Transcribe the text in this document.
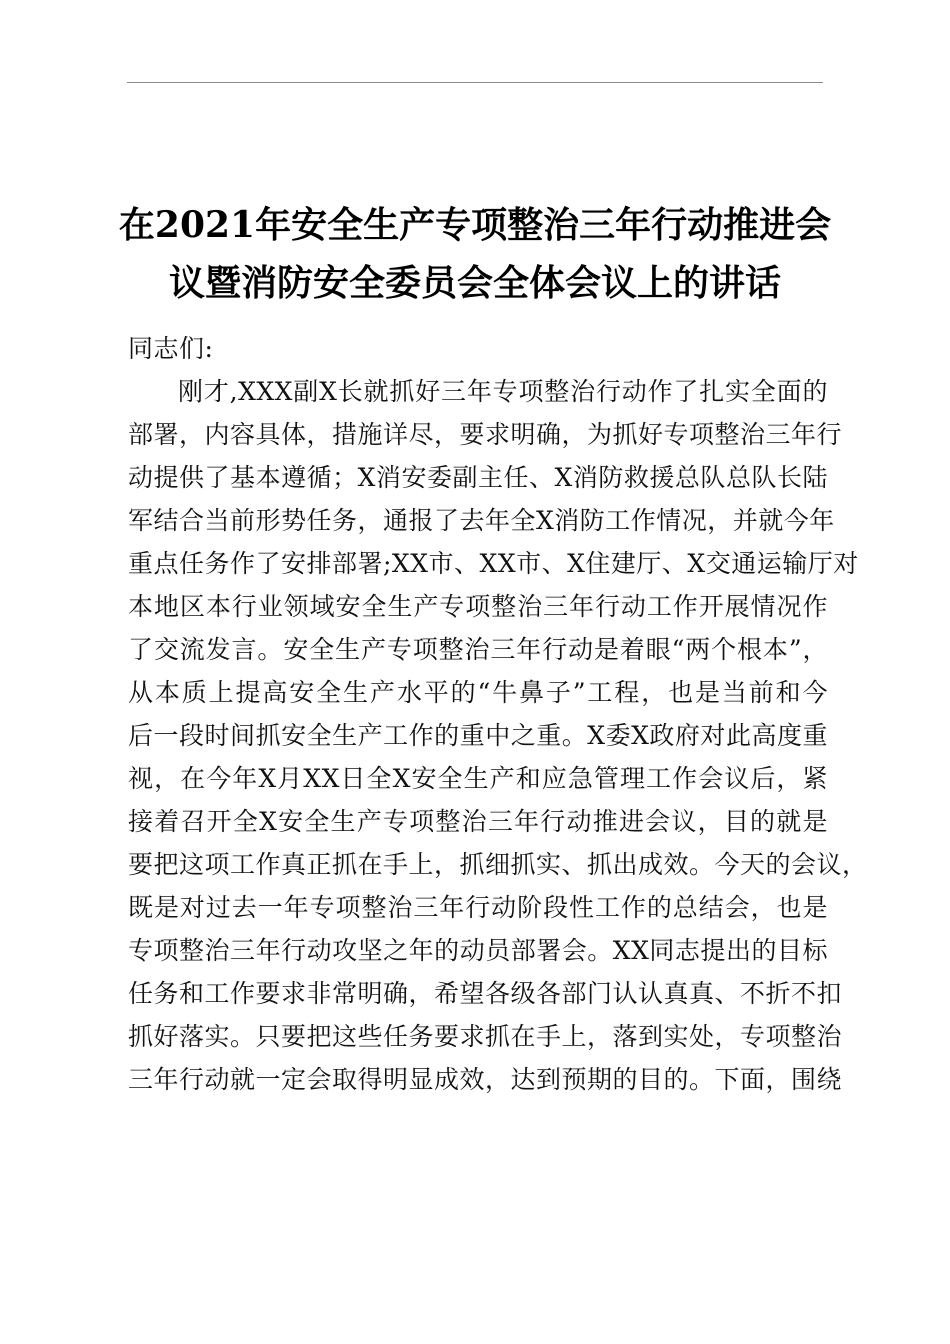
在2021年安全生产专项整治三年行动推进会
议暨消防安全委员会全体会议上的讲话
同志们:
刚才,XXX副X长就抓好三年专项整治行动作了扎实全面的
部署，内容具体，措施详尽，要求明确，为抓好专项整治三年行
动提供了基本遵循；X消安委副主任、X消防救援总队总队长陆
军结合当前形势任务，通报了去年全X消防工作情况，并就今年
重点任务作了安排部署;XX市、XX市、X住建厅、X交通运输厅对
本地区本行业领域安全生产专项整治三年行动工作开展情况作
了交流发言。安全生产专项整治三年行动是着眼“两个根本”，
从本质上提高安全生产水平的“牛鼻子”工程，也是当前和今
后一段时间抓安全生产工作的重中之重。X委X政府对此高度重
视，在今年X月XX日全X安全生产和应急管理工作会议后，紧
接着召开全X安全生产专项整治三年行动推进会议，目的就是
要把这项工作真正抓在手上，抓细抓实、抓出成效。今天的会议，
既是对过去一年专项整治三年行动阶段性工作的总结会，也是
专项整治三年行动攻坚之年的动员部署会。XX同志提出的目标
任务和工作要求非常明确，希望各级各部门认认真真、不折不扣
抓好落实。只要把这些任务要求抓在手上，落到实处，专项整治
三年行动就一定会取得明显成效，达到预期的目的。下面，围绕
